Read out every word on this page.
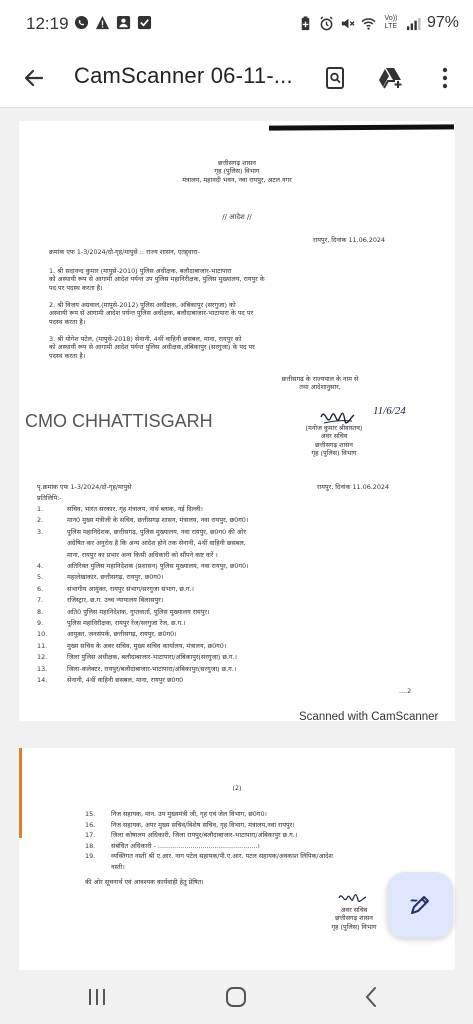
12:19	Vo)) LTE 97%
CamScanner 06-11-...
छत्तीसगढ़ शासन
गृह (पुलिस) विभाग
मंत्रालय, महानदी भवन, नवा रायपुर, अटल नगर
// आदेश //
रायपुर, दिनांक 11.06.2024
क्रमांक एफ 1-3/2024/दो-गृह/मापुसे :: राज्य शासन, एतद्द्वारा-
1. श्री सदानन्द कुमार (मापुसे-2010) पुलिस अधीक्षक, बलौदाबाजार-भाटापारा
को अस्थायी रूप से आगामी आदेश पर्यन्त उप पुलिस महानिरीक्षक, पुलिस मुख्यालय, रायपुर के
पद पर पदस्थ करता है।
2. श्री विजय अग्रवाल,(मापुसे-2012) पुलिस अधीक्षक, अंबिकापुर (सरगुजा) को
अस्थायी रूप से आगामी आदेश पर्यन्त पुलिस अधीक्षक, बलौदाबाजार-भाटापारा के पद पर
पदस्थ करता है।
3. श्री योगेश पटेल, (मापुसे-2018) सेनानी, 4थीं वाहिनी छसबल, माना, रायपुर को
को अस्थायी रूप से आगामी आदेश पर्यन्त पुलिस अधीक्षक,अंबिकापुर (सरगुजा) के पद पर
पदस्थ करता है।
छत्तीसगढ़ के राज्यपाल के नाम से
तथा आदेशानुसार,
CMO CHHATTISGARH	11/6/24
(मनोज कुमार श्रीवास्तव)
अवर सचिव
छत्तीसगढ़ शासन
गृह (पुलिस) विभाग
पृ.क्रमांक एफ 1-3/2024/दो-गृह/मापुसे	रायपुर, दिनांक 11.06.2024
प्रतिलिपि:-
1.	सचिव, भारत सरकार, गृह मंत्रालय, नार्थ ब्लाक, नई दिल्ली।
2.	मान0 मुख्य मंत्रीजी के सचिव, छत्तीसगढ़ शासन, मंत्रालय, नवा रायपुर, छ0ग0।
3.	पुलिस महानिदेशक, छत्तीसगढ़, पुलिस मुख्यालय, नवा रायपुर, छ0ग0 की ओर
अग्रेषित कर अनुरोध है कि अन्य आदेश होने तक सेनानी, 4थीं वाहिनी छसबल,
माना, रायपुर का प्रभार अन्य किसी अधिकारी को सौंपने कष्ट करें ।
4.	अतिरिक्त पुलिस महानिदेशक (प्रशासन) पुलिस मुख्यालय, नवा रायपुर, छ0ग0।
5.	महालेखाकार, छत्तीसगढ़, रायपुर, छ0ग0।
6.	संभागीय आयुक्त, रायपुर संभाग/सरगुजा संभाग, छ.ग.।
7.	रजिस्ट्रार, छ.ग. उच्च न्यायालय बिलासपुर।
8.	अति0 पुलिस महानिदेशक, गुप्तवार्ता, पुलिस मुख्यालय रायपुर।
9.	पुलिस महानिरीक्षक, रायपुर रेंज/सरगुजा रेंज, छ.ग.।
10.	आयुक्त, जनसंपर्क, छत्तीसगढ़, रायपुर, छ0ग0।
11.	मुख्य सचिव के अवर सचिव, मुख्य सचिव कार्यालय, मंत्रालय, छ0ग0।
12.	जिला पुलिस अधीक्षक, बलौदाबाजार-भाटापारा/अंबिकापुर(सरगुजा) छ.ग.।
13.	जिला-कलेक्टर, रायपुर/बलौदाबाजार-भाटापारा/अंबिकापुर(सरगुजा) छ.ग.।
14.	सेनानी, 4थीं वाहिनी छसबल, माना, रायपुर छ0ग0
....2
Scanned with CamScanner
(2)
15.	निज सहायक, मान. उप मुख्यमंत्री जी, गृह एवं जेल विभाग, छ0ग0।
16.	निज सहायक, अपर मुख्य सचिव/विशेष सचिव, गृह विभाग, मंत्रालय,नवा रायपुर।
17.	जिला कोषालय अधिकारी, जिला रायपुर/बलौदाबाजार-भाटापारा/अंबिकापुर छ.ग.।
18.	संबंधित अधिकारी - .................................................।
19.	व्यक्तिगत नस्ती श्री ए.आर. नाग पटेल सहायक/पी.ए.आर. पटल सहायक/अवकाश लिपिक/आदेश
नस्ती।
की ओर सूचनार्थ एवं आवश्यक कार्यवाही हेतु प्रेषित।
अवर सचिव
छत्तीसगढ़ शासन
गृह (पुलिस) विभाग
